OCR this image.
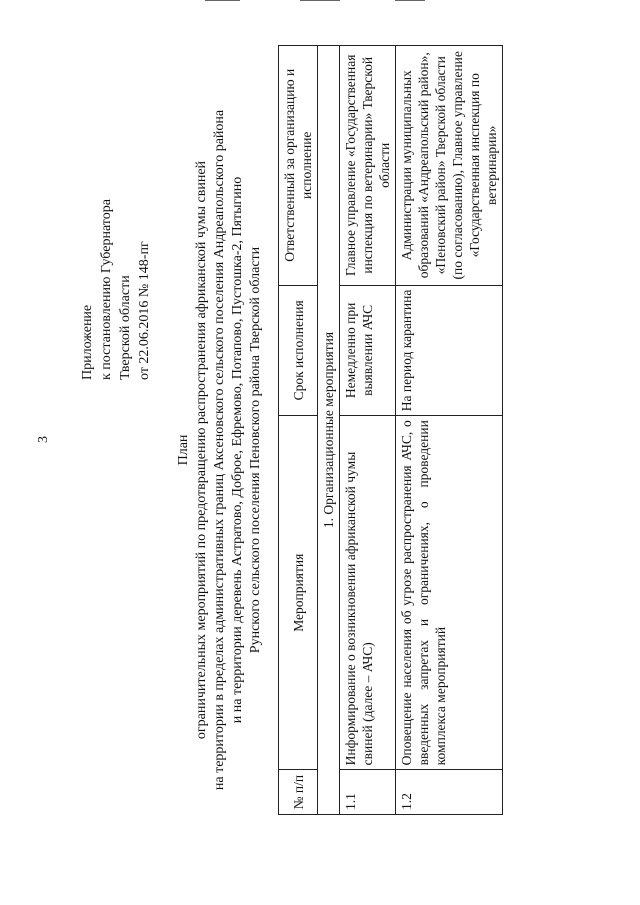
3
Приложение к постановлению Губернатора Тверской области от 22.06.2016 № 148-пг
План ограничительных мероприятий по предотвращению распространения африканской чумы свиней на территории в пределах административных границ Аксеновского сельского поселения Андреапольского района и на территории деревень Астратово, Доброе, Ефремово, Потапово, Пустошка-2, Пятыгино Рунского сельского поселения Пеновского района Тверской области
№ п/п	Мероприятия	Срок исполнения	Ответственный за организацию и исполнение
1. Организационные мероприятия			
1.1	Информирование о возникновении африканской чумы свиней (далее – АЧС)	Немедленно при выявлении АЧС	Главное управление «Государственная инспекция по ветеринарии» Тверской области
1.2	Оповещение населения об угрозе распространения АЧС, о введенных запретах и ограничениях, о проведении комплекса мероприятий	На период карантина	Администрации муниципальных образований «Андреапольский район», «Пеновский район» Тверской области (по согласованию), Главное управление «Государственная инспекция по ветеринарии»
